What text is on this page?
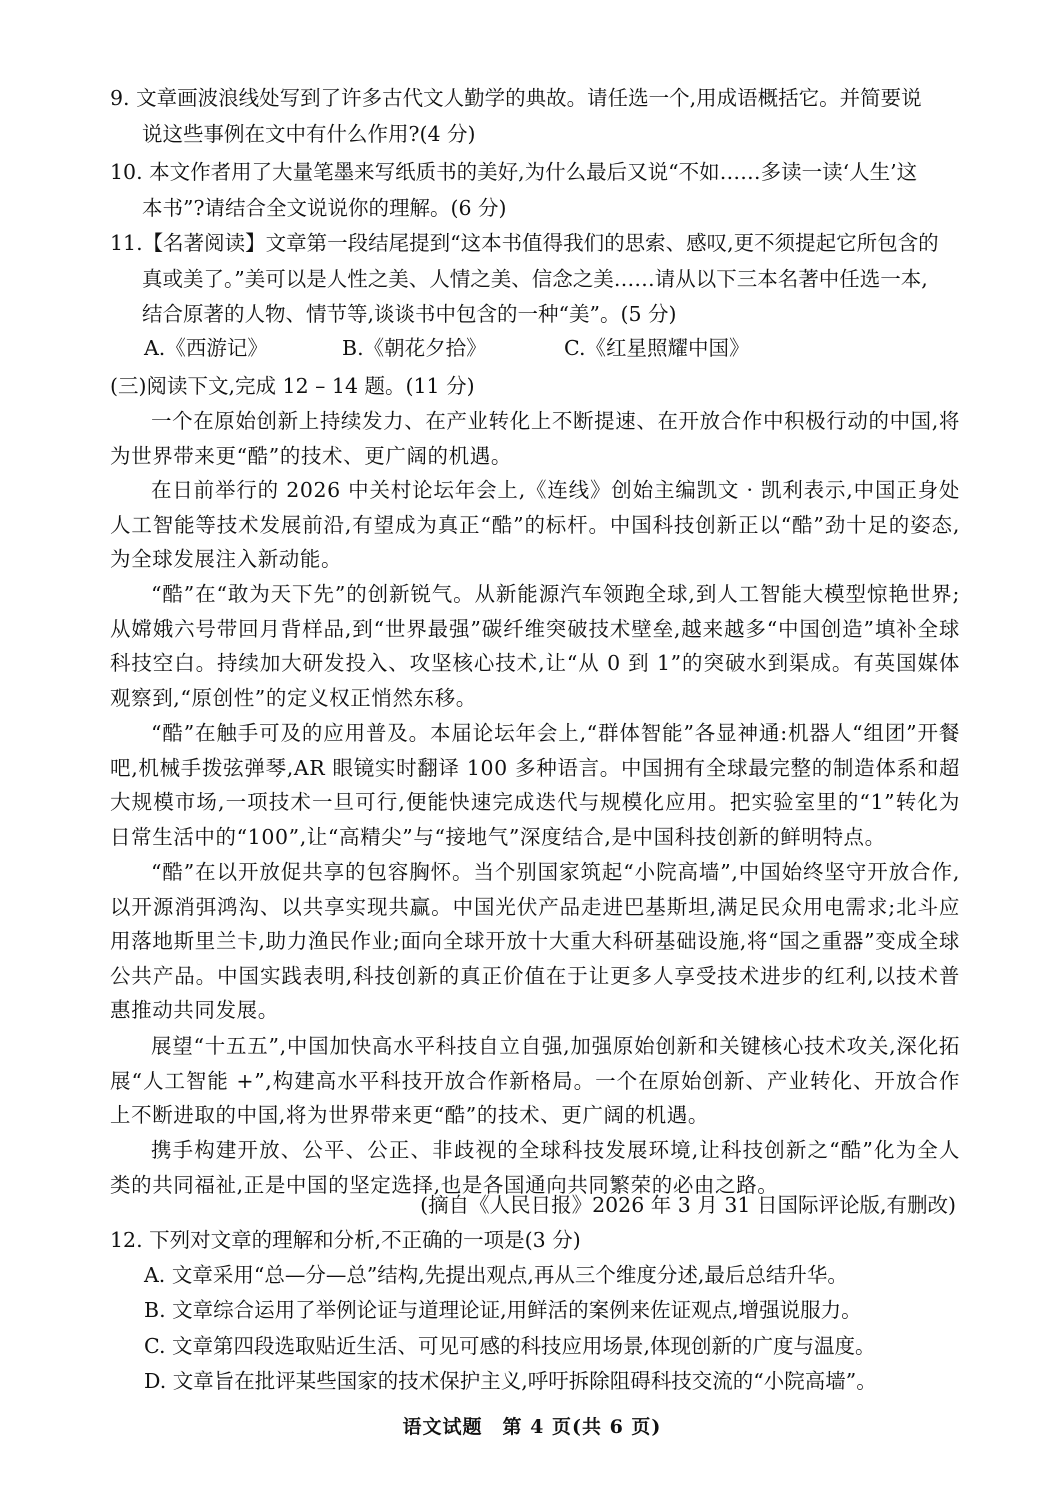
9. 文章画波浪线处写到了许多古代文人勤学的典故。请任选一个,用成语概括它。并简要说
说这些事例在文中有什么作用?(4 分)
10. 本文作者用了大量笔墨来写纸质书的美好,为什么最后又说“不如……多读一读‘人生’这
本书”?请结合全文说说你的理解。(6 分)
11.【名著阅读】文章第一段结尾提到“这本书值得我们的思索、感叹,更不须提起它所包含的
真或美了。”美可以是人性之美、人情之美、信念之美……请从以下三本名著中任选一本,
结合原著的人物、情节等,谈谈书中包含的一种“美”。(5 分)
A.《西游记》	B.《朝花夕拾》	C.《红星照耀中国》
(三)阅读下文,完成 12 – 14 题。(11 分)
一个在原始创新上持续发力、在产业转化上不断提速、在开放合作中积极行动的中国,将为世界带来更“酷”的技术、更广阔的机遇。
在日前举行的 2026 中关村论坛年会上,《连线》创始主编凯文 · 凯利表示,中国正身处人工智能等技术发展前沿,有望成为真正“酷”的标杆。中国科技创新正以“酷”劲十足的姿态,为全球发展注入新动能。
“酷”在“敢为天下先”的创新锐气。从新能源汽车领跑全球,到人工智能大模型惊艳世界;从嫦娥六号带回月背样品,到“世界最强”碳纤维突破技术壁垒,越来越多“中国创造”填补全球科技空白。持续加大研发投入、攻坚核心技术,让“从 0 到 1”的突破水到渠成。有英国媒体观察到,“原创性”的定义权正悄然东移。
“酷”在触手可及的应用普及。本届论坛年会上,“群体智能”各显神通:机器人“组团”开餐吧,机械手拨弦弹琴,AR 眼镜实时翻译 100 多种语言。中国拥有全球最完整的制造体系和超大规模市场,一项技术一旦可行,便能快速完成迭代与规模化应用。把实验室里的“1”转化为日常生活中的“100”,让“高精尖”与“接地气”深度结合,是中国科技创新的鲜明特点。
“酷”在以开放促共享的包容胸怀。当个别国家筑起“小院高墙”,中国始终坚守开放合作,以开源消弭鸿沟、以共享实现共赢。中国光伏产品走进巴基斯坦,满足民众用电需求;北斗应用落地斯里兰卡,助力渔民作业;面向全球开放十大重大科研基础设施,将“国之重器”变成全球公共产品。中国实践表明,科技创新的真正价值在于让更多人享受技术进步的红利,以技术普惠推动共同发展。
展望“十五五”,中国加快高水平科技自立自强,加强原始创新和关键核心技术攻关,深化拓展“人工智能 +”,构建高水平科技开放合作新格局。一个在原始创新、产业转化、开放合作上不断进取的中国,将为世界带来更“酷”的技术、更广阔的机遇。
携手构建开放、公平、公正、非歧视的全球科技发展环境,让科技创新之“酷”化为全人类的共同福祉,正是中国的坚定选择,也是各国通向共同繁荣的必由之路。
(摘自《人民日报》2026 年 3 月 31 日国际评论版,有删改)
12. 下列对文章的理解和分析,不正确的一项是(3 分)
A. 文章采用“总—分—总”结构,先提出观点,再从三个维度分述,最后总结升华。
B. 文章综合运用了举例论证与道理论证,用鲜活的案例来佐证观点,增强说服力。
C. 文章第四段选取贴近生活、可见可感的科技应用场景,体现创新的广度与温度。
D. 文章旨在批评某些国家的技术保护主义,呼吁拆除阻碍科技交流的“小院高墙”。
语文试题　第 4 页(共 6 页)
